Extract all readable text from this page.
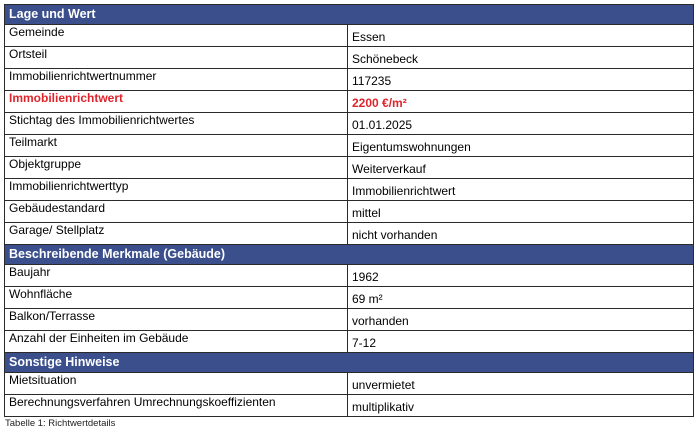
Lage und Wert
Gemeinde	Essen
Ortsteil	Schönebeck
Immobilienrichtwertnummer	117235
Immobilienrichtwert	2200 €/m²
Stichtag des Immobilienrichtwertes	01.01.2025
Teilmarkt	Eigentumswohnungen
Objektgruppe	Weiterverkauf
Immobilienrichtwerttyp	Immobilienrichtwert
Gebäudestandard	mittel
Garage/ Stellplatz	nicht vorhanden
Beschreibende Merkmale (Gebäude)
Baujahr	1962
Wohnfläche	69 m²
Balkon/Terrasse	vorhanden
Anzahl der Einheiten im Gebäude	7-12
Sonstige Hinweise
Mietsituation	unvermietet
Berechnungsverfahren Umrechnungskoeffizienten	multiplikativ
Tabelle 1: Richtwertdetails
